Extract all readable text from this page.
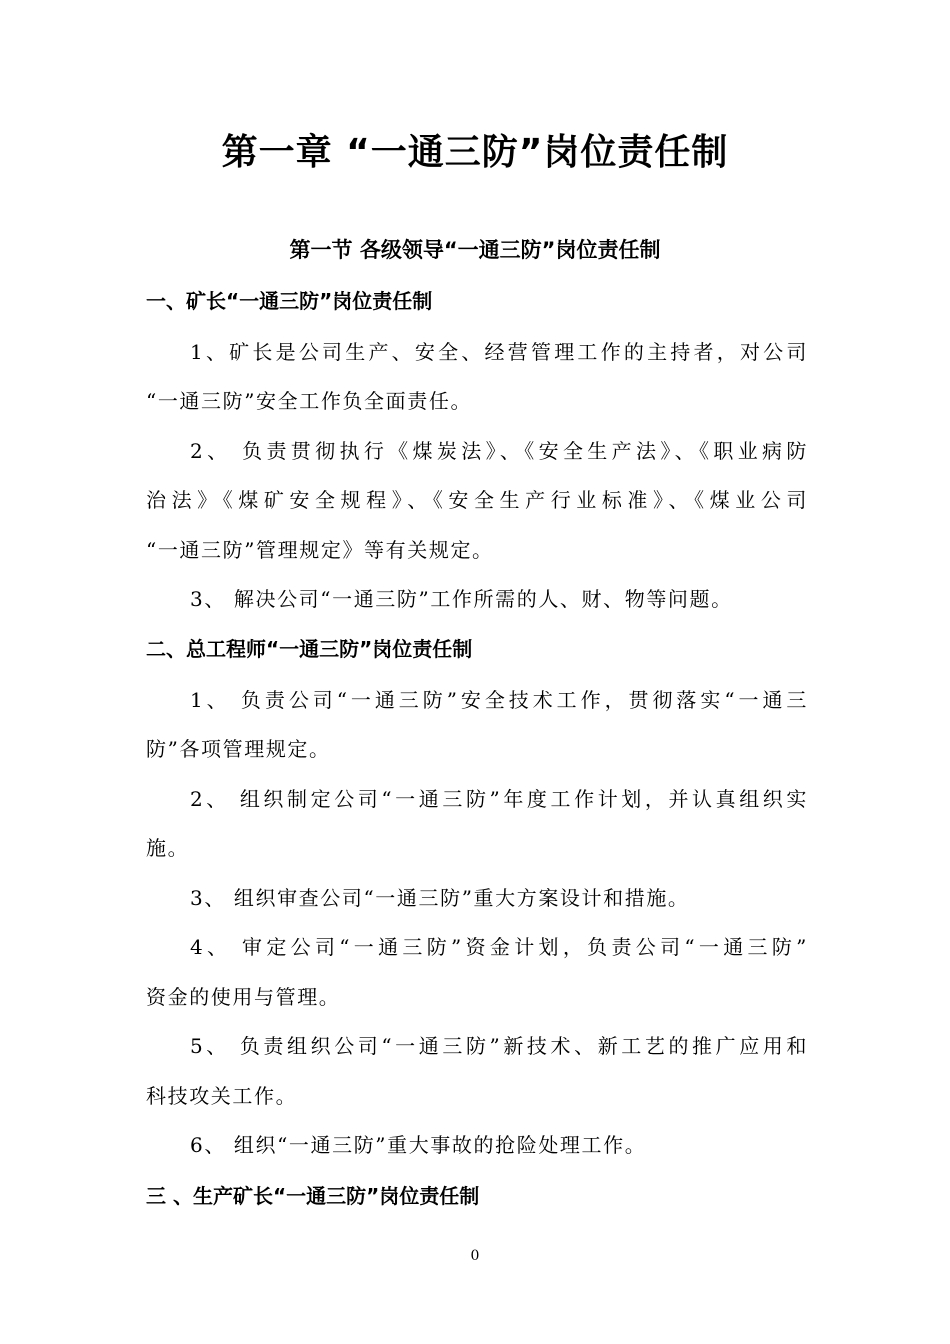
第一章 “一通三防”岗位责任制
第一节 各级领导“一通三防”岗位责任制
一、矿长“一通三防”岗位责任制
1、矿长是公司生产、安全、经营管理工作的主持者，对公司
“一通三防”安全工作负全面责任。
2、 负责贯彻执行《煤炭法》、《安全生产法》、《职业病防
治法》《煤矿安全规程》、《安全生产行业标准》、《煤业公司
“一通三防”管理规定》等有关规定。
3、 解决公司“一通三防”工作所需的人、财、物等问题。
二、总工程师“一通三防”岗位责任制
1、 负责公司“一通三防”安全技术工作，贯彻落实“一通三
防”各项管理规定。
2、 组织制定公司“一通三防”年度工作计划，并认真组织实
施。
3、 组织审查公司“一通三防”重大方案设计和措施。
4、 审定公司“一通三防”资金计划，负责公司“一通三防”
资金的使用与管理。
5、 负责组织公司“一通三防”新技术、新工艺的推广应用和
科技攻关工作。
6、 组织“一通三防”重大事故的抢险处理工作。
三 、生产矿长“一通三防”岗位责任制
0
